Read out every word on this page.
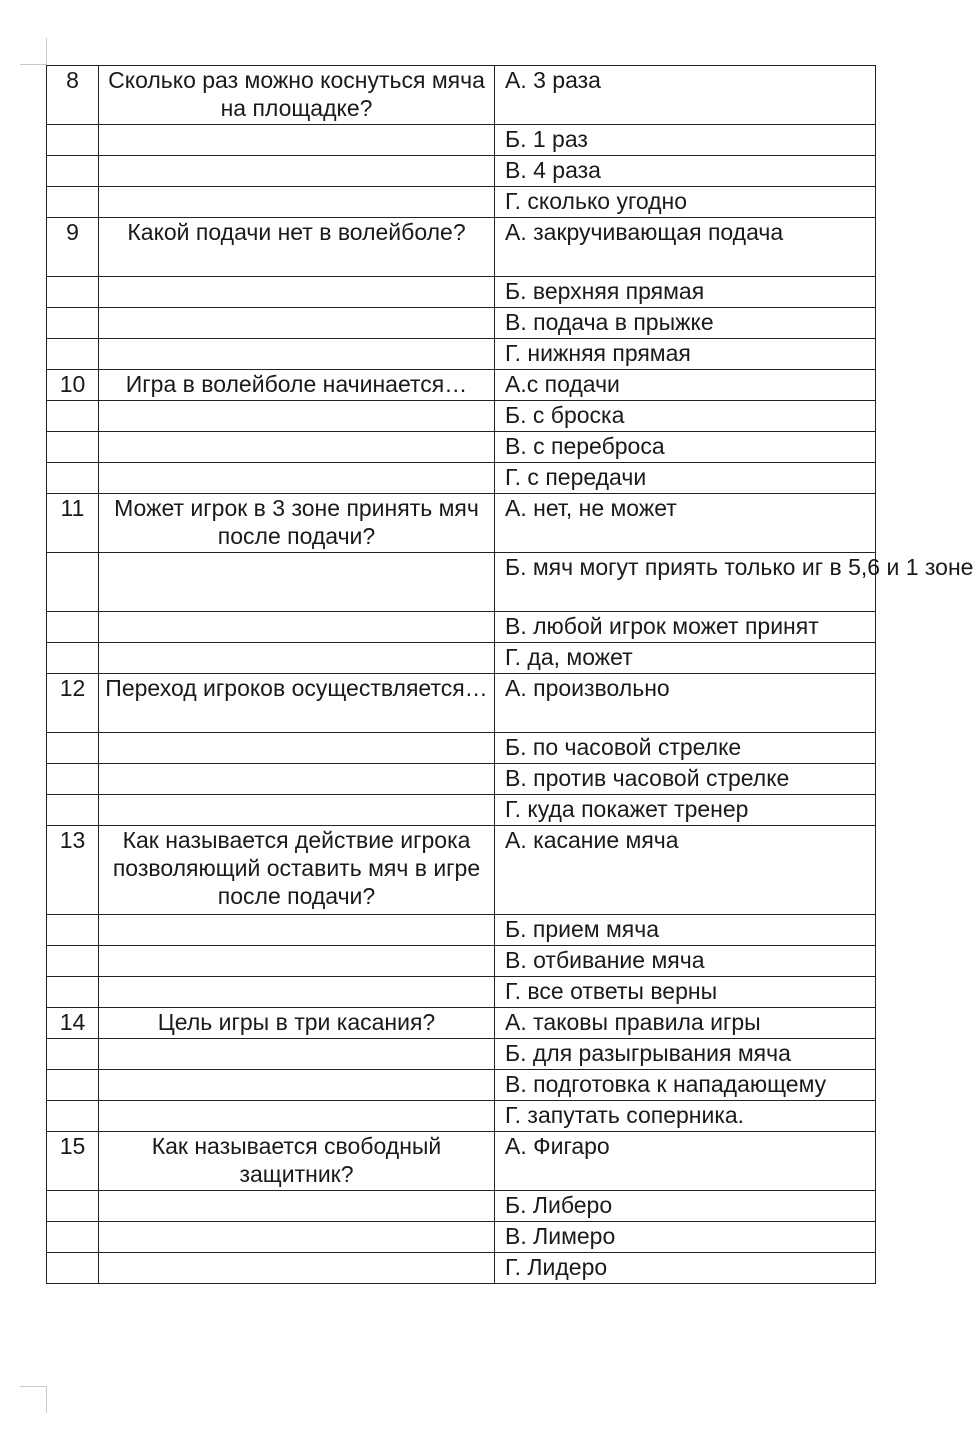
8	Сколько раз можно коснуться мяча на площадке?	А. 3 раза
		Б. 1 раз
		В. 4 раза
		Г. сколько угодно
9	Какой подачи нет в волейболе?	А. закручивающая подача
		Б. верхняя прямая
		В. подача в прыжке
		Г. нижняя прямая
10	Игра в волейболе начинается…	А.с подачи
		Б. с броска
		В. с переброса
		Г. с передачи
11	Может игрок в 3 зоне принять мяч после подачи?	А. нет, не может
		Б. мяч могут приять только иг в 5,6 и 1 зоне
		В. любой игрок может принят
		Г. да, может
12	Переход игроков осуществляется…	А. произвольно
		Б. по часовой стрелке
		В. против часовой стрелке
		Г. куда покажет тренер
13	Как называется действие игрока позволяющий оставить мяч в игре после подачи?	А. касание мяча
		Б. прием мяча
		В. отбивание мяча
		Г. все ответы верны
14	Цель игры в три касания?	А. таковы правила игры
		Б. для разыгрывания мяча
		В. подготовка к нападающему
		Г. запутать соперника.
15	Как называется свободный защитник?	А. Фигаро
		Б. Либеро
		В. Лимеро
		Г. Лидеро
